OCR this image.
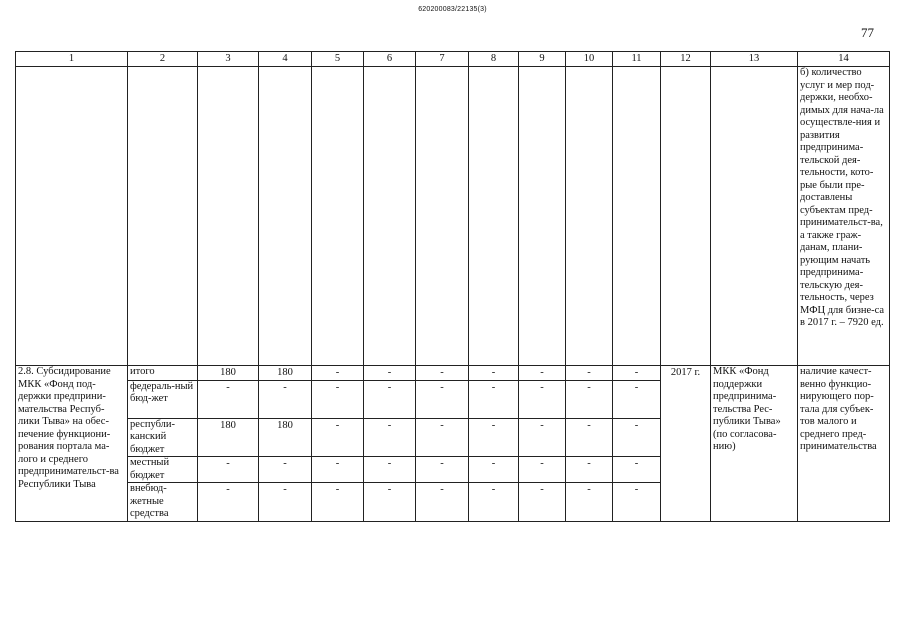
620200083/22135(3)
77
1	2	3	4	5	6	7	8	9	10	11	12	13	14
													б) количество услуг и мер под-держки, необхо-димых для нача-ла осуществле-ния и развития предпринима-тельской дея-тельности, кото-рые были пре-доставлены субъектам пред-принимательст-ва, а также граж-данам, плани-рующим начать предпринима-тельскую дея-тельность, через МФЦ для бизне-са в 2017 г. – 7920 ед.
2.8. Субсидирование МКК «Фонд под-держки предприни-мательства Респуб-лики Тыва» на обес-печение функциони-рования портала ма-лого и среднего предпринимательст-ва Республики Тыва	итого	180	180	-	-	-	-	-	-	-	2017 г.	МКК «Фонд поддержки предпринима-тельства Рес-публики Тыва» (по согласова-нию)	наличие качест-венно функцио-нирующего пор-тала для субъек-тов малого и среднего пред-принимательства
	федераль-ный бюд-жет	-	-	-	-	-	-	-	-	-			
	республи-канский бюджет	180	180	-	-	-	-	-	-	-			
	местный бюджет	-	-	-	-	-	-	-	-	-			
	внебюд-жетные средства	-	-	-	-	-	-	-	-	-			
